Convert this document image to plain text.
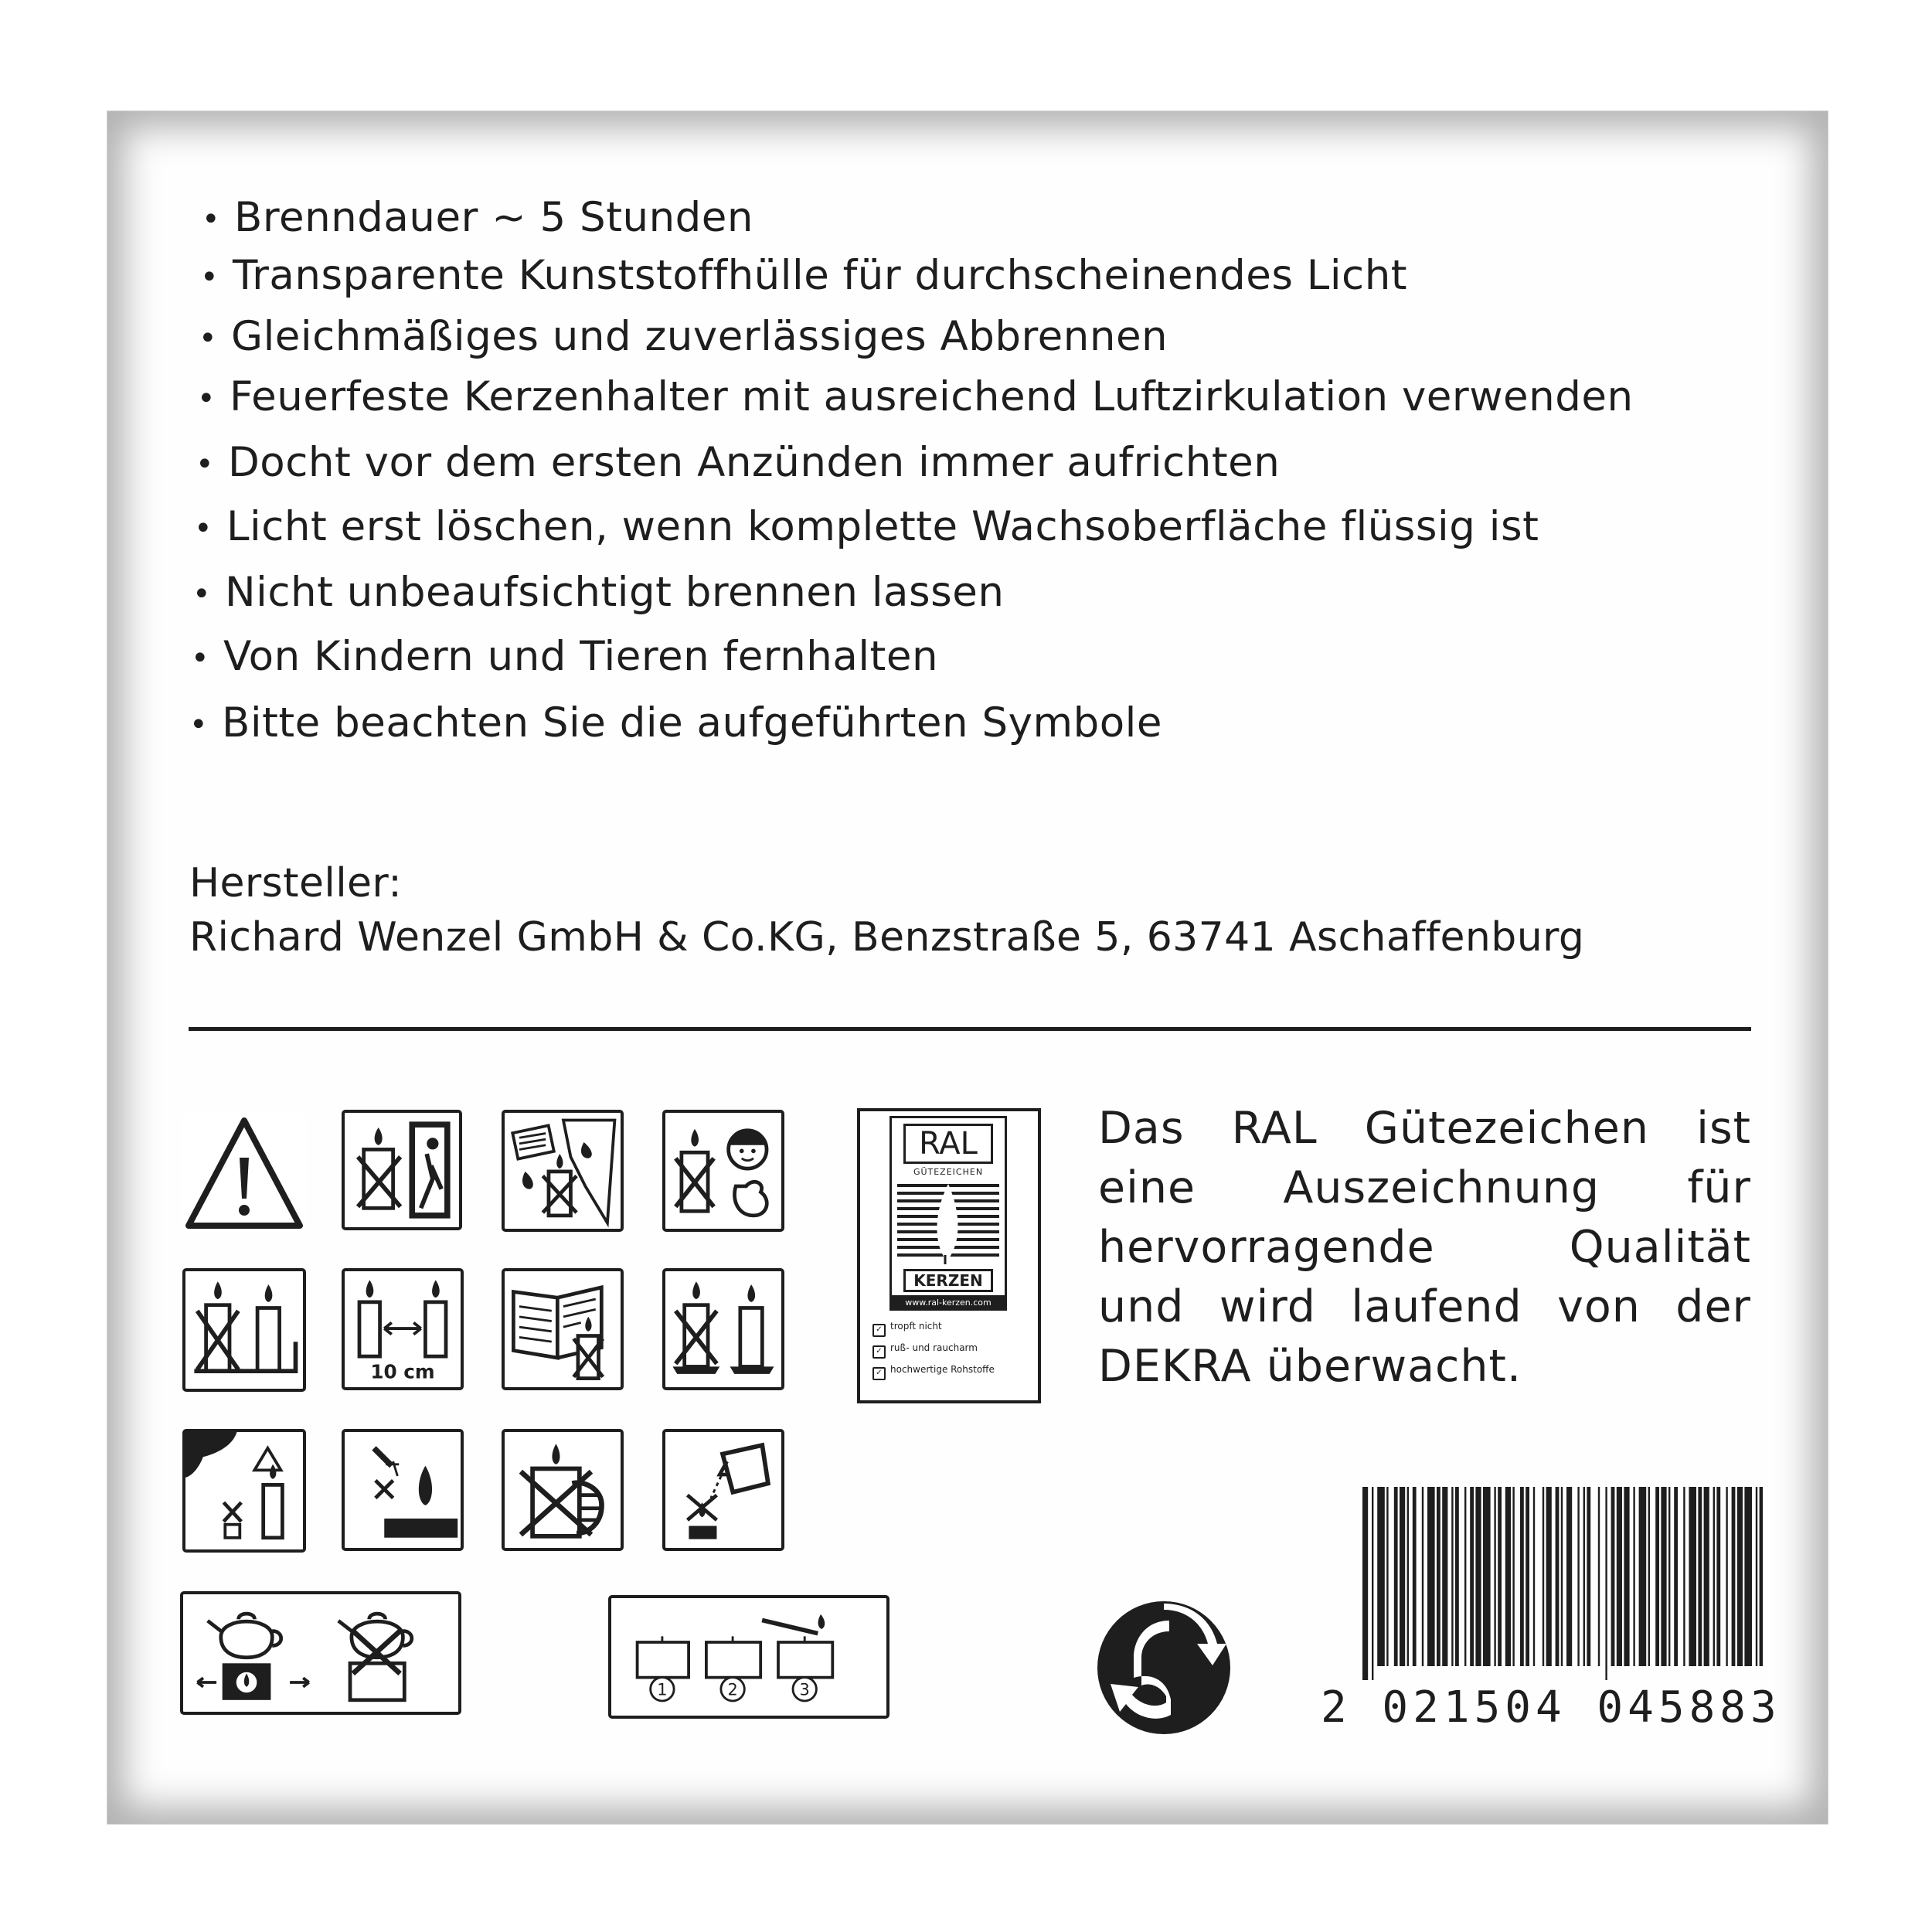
• Brenndauer ~ 5 Stunden
• Transparente Kunststoffhülle für durchscheinendes Licht
• Gleichmäßiges und zuverlässiges Abbrennen
• Feuerfeste Kerzenhalter mit ausreichend Luftzirkulation verwenden
• Docht vor dem ersten Anzünden immer aufrichten
• Licht erst löschen, wenn komplette Wachsoberfläche flüssig ist
• Nicht unbeaufsichtigt brennen lassen
• Von Kindern und Tieren fernhalten
• Bitte beachten Sie die aufgeführten Symbole
Hersteller:
Richard Wenzel GmbH & Co.KG, Benzstraße 5, 63741 Aschaffenburg
10 cm
1	2	3
RAL
GÜTEZEICHEN
KERZEN
www.ral-kerzen.com
✓ tropft nicht
✓ ruß- und raucharm
✓ hochwertige Rohstoffe
Das RAL Gütezeichen ist
eine Auszeichnung für
hervorragende Qualität
und wird laufend von der
DEKRA überwacht.
2 021504 045883
